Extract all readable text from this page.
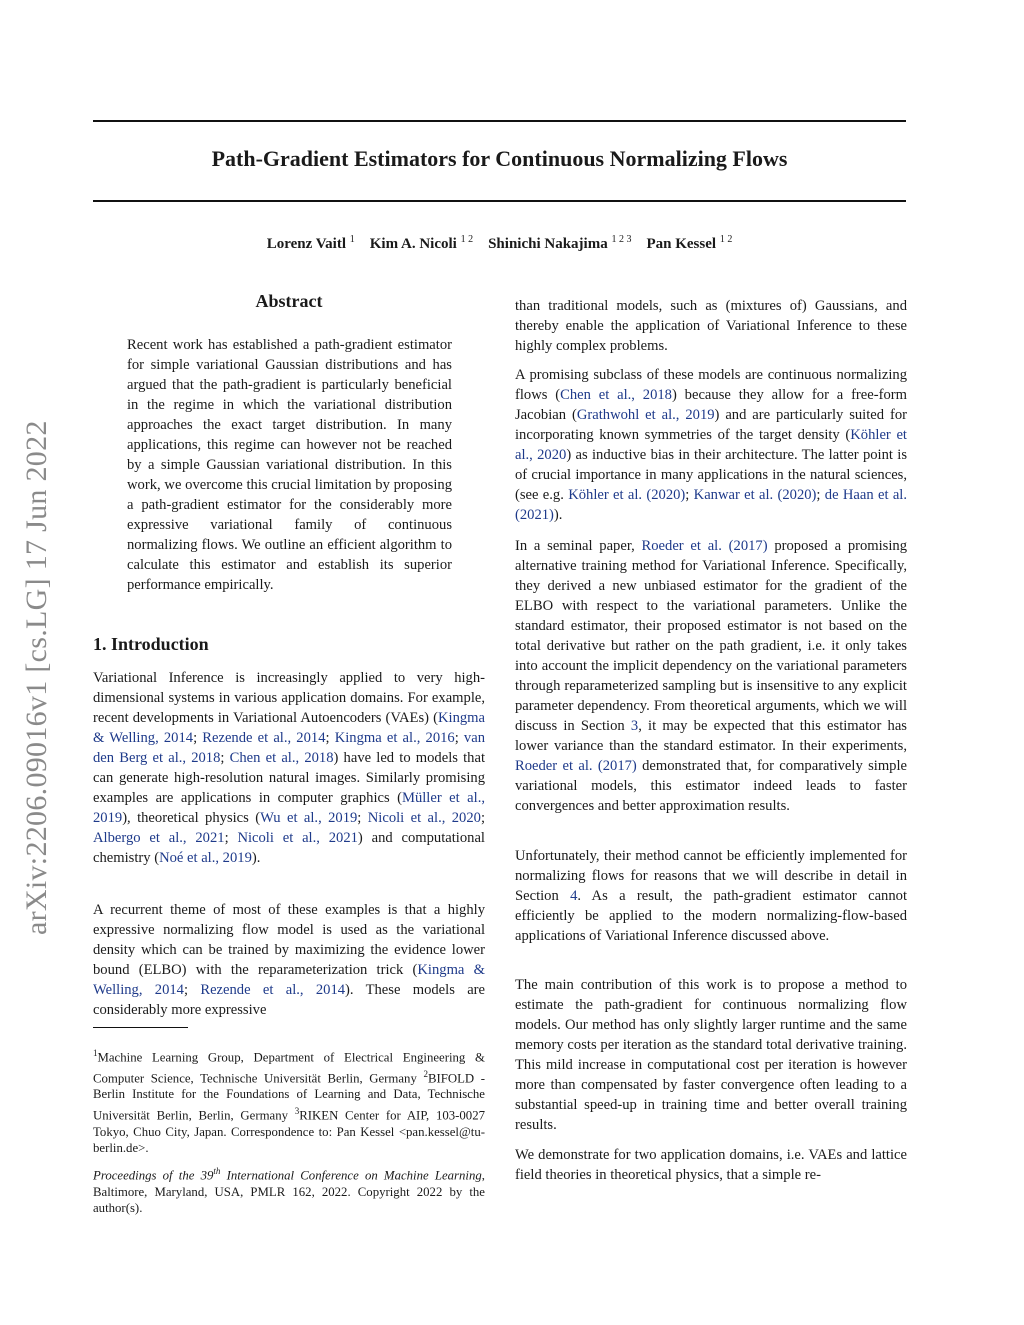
Path-Gradient Estimators for Continuous Normalizing Flows
Lorenz Vaitl $^1$ Kim A. Nicoli $^{1 2}$ Shinichi Nakajima $^{1 2 3}$ Pan Kessel $^{1 2}$
arXiv:2206.09016v1 [cs.LG] 17 Jun 2022
Abstract

Recent work has established a path-gradient estimator for simple variational Gaussian distributions and has argued that the path-gradient is particularly beneficial in the regime in which the variational distribution approaches the exact target distribution. In many applications, this regime can however not be reached by a simple Gaussian variational distribution. In this work, we overcome this crucial limitation by proposing a path-gradient estimator for the considerably more expressive variational family of continuous normalizing flows. We outline an efficient algorithm to calculate this estimator and establish its superior performance empirically.

1. Introduction

Variational Inference is increasingly applied to very high-dimensional systems in various application domains. For example, recent developments in Variational Autoencoders (VAEs) (Kingma & Welling, 2014; Rezende et al., 2014; Kingma et al., 2016; van den Berg et al., 2018; Chen et al., 2018) have led to models that can generate high-resolution natural images. Similarly promising examples are applications in computer graphics (Müller et al., 2019), theoretical physics (Wu et al., 2019; Nicoli et al., 2020; Albergo et al., 2021; Nicoli et al., 2021) and computational chemistry (Noé et al., 2019).

A recurrent theme of most of these examples is that a highly expressive normalizing flow model is used as the variational density which can be trained by maximizing the evidence lower bound (ELBO) with the reparameterization trick (Kingma & Welling, 2014; Rezende et al., 2014). These models are considerably more expressive

$^1$Machine Learning Group, Department of Electrical Engineering & Computer Science, Technische Universität Berlin, Germany $^2$BIFOLD - Berlin Institute for the Foundations of Learning and Data, Technische Universität Berlin, Berlin, Germany $^3$RIKEN Center for AIP, 103-0027 Tokyo, Chuo City, Japan. Correspondence to: Pan Kessel <pan.kessel@tu-berlin.de>.

Proceedings of the 39th International Conference on Machine Learning, Baltimore, Maryland, USA, PMLR 162, 2022. Copyright 2022 by the author(s).

than traditional models, such as (mixtures of) Gaussians, and thereby enable the application of Variational Inference to these highly complex problems.

A promising subclass of these models are continuous normalizing flows (Chen et al., 2018) because they allow for a free-form Jacobian (Grathwohl et al., 2019) and are particularly suited for incorporating known symmetries of the target density (Köhler et al., 2020) as inductive bias in their architecture. The latter point is of crucial importance in many applications in the natural sciences, (see e.g. Köhler et al. (2020); Kanwar et al. (2020); de Haan et al. (2021)).

In a seminal paper, Roeder et al. (2017) proposed a promising alternative training method for Variational Inference. Specifically, they derived a new unbiased estimator for the gradient of the ELBO with respect to the variational parameters. Unlike the standard estimator, their proposed estimator is not based on the total derivative but rather on the path gradient, i.e. it only takes into account the implicit dependency on the variational parameters through reparameterized sampling but is insensitive to any explicit parameter dependency. From theoretical arguments, which we will discuss in Section 3, it may be expected that this estimator has lower variance than the standard estimator. In their experiments, Roeder et al. (2017) demonstrated that, for comparatively simple variational models, this estimator indeed leads to faster convergences and better approximation results.

Unfortunately, their method cannot be efficiently implemented for normalizing flows for reasons that we will describe in detail in Section 4. As a result, the path-gradient estimator cannot efficiently be applied to the modern normalizing-flow-based applications of Variational Inference discussed above.

The main contribution of this work is to propose a method to estimate the path-gradient for continuous normalizing flow models. Our method has only slightly larger runtime and the same memory costs per iteration as the standard total derivative training. This mild increase in computational cost per iteration is however more than compensated by faster convergence often leading to a substantial speed-up in training time and better overall training results.

We demonstrate for two application domains, i.e. VAEs and lattice field theories in theoretical physics, that a simple re-
